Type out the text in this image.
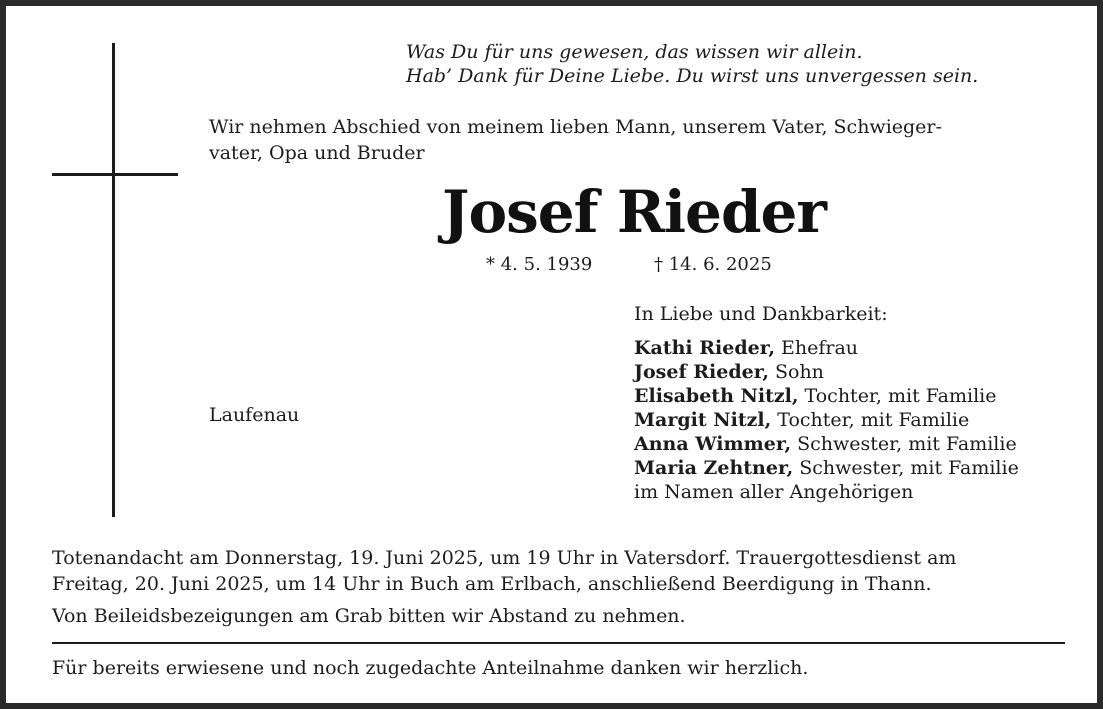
Was Du für uns gewesen, das wissen wir allein.
Hab’ Dank für Deine Liebe. Du wirst uns unvergessen sein.
Wir nehmen Abschied von meinem lieben Mann, unserem Vater, Schwieger-
vater, Opa und Bruder
Josef Rieder
* 4. 5. 1939	† 14. 6. 2025
Laufenau
In Liebe und Dankbarkeit:
Kathi Rieder, Ehefrau
Josef Rieder, Sohn
Elisabeth Nitzl, Tochter, mit Familie
Margit Nitzl, Tochter, mit Familie
Anna Wimmer, Schwester, mit Familie
Maria Zehtner, Schwester, mit Familie
im Namen aller Angehörigen
Totenandacht am Donnerstag, 19. Juni 2025, um 19 Uhr in Vatersdorf. Trauergottesdienst am
Freitag, 20. Juni 2025, um 14 Uhr in Buch am Erlbach, anschließend Beerdigung in Thann.
Von Beileidsbezeigungen am Grab bitten wir Abstand zu nehmen.
Für bereits erwiesene und noch zugedachte Anteilnahme danken wir herzlich.
